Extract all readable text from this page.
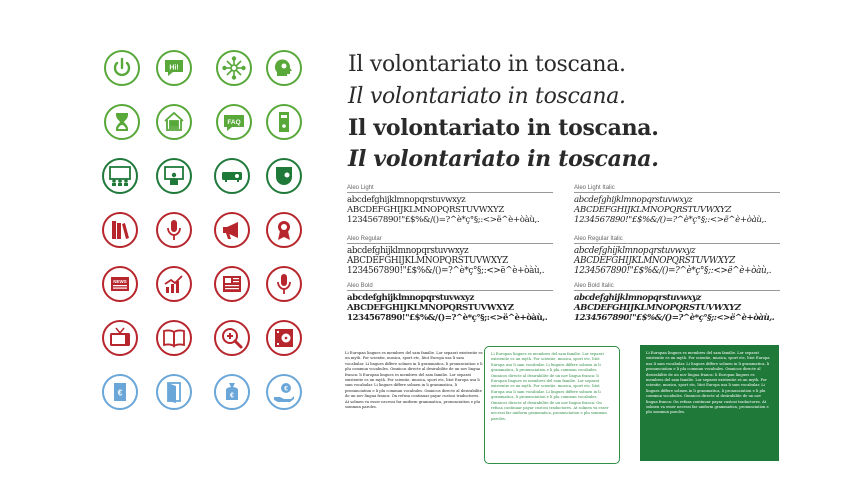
Hi!
FAQ
NEWS
€	€
€
Il volontariato in toscana.
Il volontariato in toscana.
Il volontariato in toscana.
Il volontariato in toscana.
Aleo Light
abcdefghijklmnopqrstuvwxyz
ABCDEFGHIJKLMNOPQRSTUVWXYZ
1234567890!"£$%&/()=?^è*ç°§;:<>ë^è+òàù,.
Aleo Light Italic
abcdefghijklmnopqrstuvwxyz
ABCDEFGHIJKLMNOPQRSTUVWXYZ
1234567890!"£$%&/()=?^è*ç°§;:<>ë^è+òàù,.
Aleo Regular
abcdefghijklmnopqrstuvwxyz
ABCDEFGHIJKLMNOPQRSTUVWXYZ
1234567890!"£$%&/()=?^è*ç°§;:<>ë^è+òàù,.
Aleo Regular Italic
abcdefghijklmnopqrstuvwxyz
ABCDEFGHIJKLMNOPQRSTUVWXYZ
1234567890!"£$%&/()=?^è*ç°§;:<>ë^è+òàù,.
Aleo Bold
abcdefghijklmnopqrstuvwxyz
ABCDEFGHIJKLMNOPQRSTUVWXYZ
1234567890!"£$%&/()=?^è*ç°§;:<>ë^è+òàù,.
Aleo Bold Italic
abcdefghijklmnopqrstuvwxyz
ABCDEFGHIJKLMNOPQRSTUVWXYZ
1234567890!"£$%&/()=?^è*ç°§;:<>ë^è+òàù,.
Li Europan lingues es membres del sam familie. Lor separat existentie es un myth. Por scientie, musica, sport etc, litot Europa usa li sam vocabular. Li lingues differe solmen in li grammatica, li pronunciation e li plu commun vocabules. Omnicos directe al desirabilite de un nov lingua franca: li Europan lingues es membres del sam familie. Lor separat existentie es un myth. Por scientie, musica, sport etc, litot Europa usa li sam vocabular. Li lingues differe solmen in li grammatica, li pronunciation e li plu commun vocabules. Omnicos directe al desirabilite de un nov lingua franca: On refusa continuar payar custosi traductores. At solmen va esser necessi far uniform grammatica, pronunciation e plu sommun paroles.
Li Europan lingues es membres del sam familie. Lor separat existentie es un myth. Por scientie, musica, sport etc, litot Europa usa li sam vocabular. Li lingues differe solmen in li grammatica, li pronunciation e li plu commun vocabules. Omnicos directe al desirabilite de un nov lingua franca: li Europan lingues es membres del sam familie. Lor separat existentie es un myth. Por scientie, musica, sport etc, litot Europa usa li sam vocabular. Li lingues differe solmen in li grammatica, li pronunciation e li plu commun vocabules. Omnicos directe al desirabilite de un nov lingua franca: On refusa continuar payar custosi traductores. At solmen va esser necessi far uniform grammatica, pronunciation e plu sommun paroles.
Li Europan lingues es membres del sam familie. Lor separat existentie es un myth. Por scientie, musica, sport etc, litot Europa usa li sam vocabular. Li lingues differe solmen in li grammatica, li pronunciation e li plu commun vocabules. Omnicos directe al desirabilite de un nov lingua franca: li Europan lingues es membres del sam familie. Lor separat existentie es un myth. Por scientie, musica, sport etc, litot Europa usa li sam vocabular. Li lingues differe solmen in li grammatica, li pronunciation e li plu commun vocabules. Omnicos directe al desirabilite de un nov lingua franca: On refusa continuar payar custosi traductores. At solmen va esser necessi far uniform grammatica, pronunciation e plu sommun paroles.
